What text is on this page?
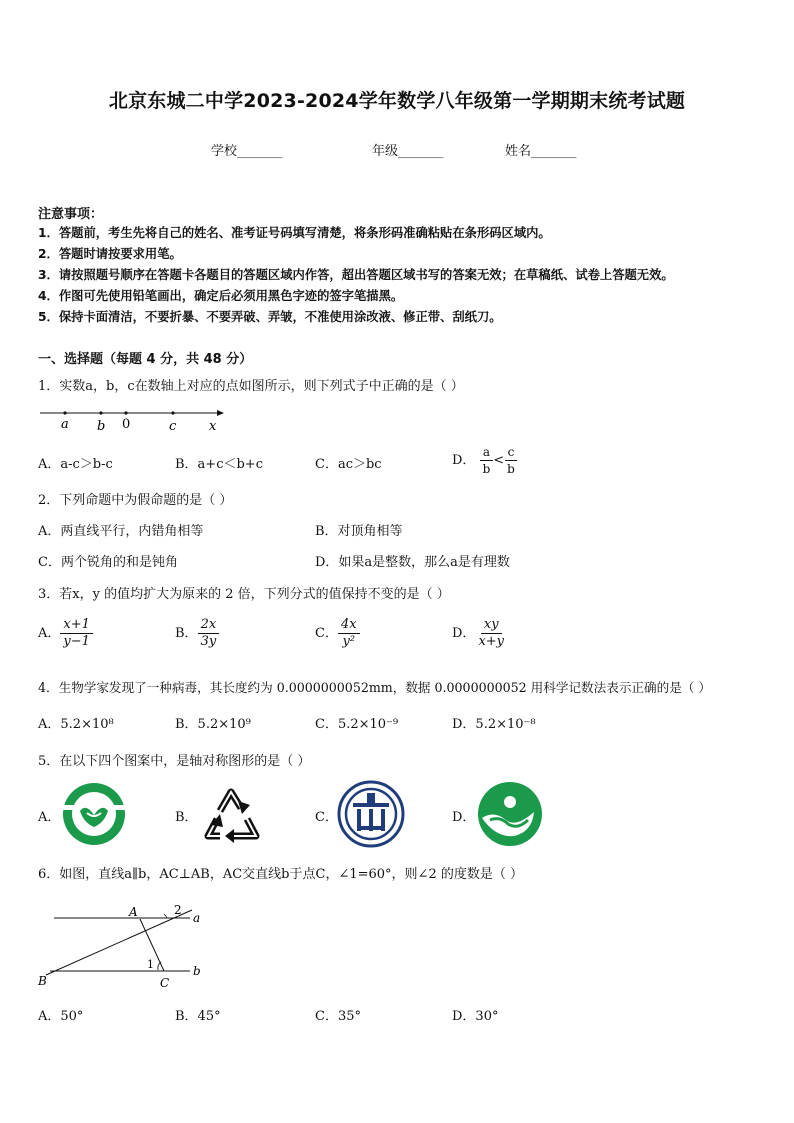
北京东城二中学2023-2024学年数学八年级第一学期期末统考试题
学校_______	年级_______	姓名_______
注意事项：
1．答题前，考生先将自己的姓名、准考证号码填写清楚，将条形码准确粘贴在条形码区域内。
2．答题时请按要求用笔。
3．请按照题号顺序在答题卡各题目的答题区域内作答，超出答题区域书写的答案无效；在草稿纸、试卷上答题无效。
4．作图可先使用铅笔画出，确定后必须用黑色字迹的签字笔描黑。
5．保持卡面清洁，不要折暴、不要弄破、弄皱，不准使用涂改液、修正带、刮纸刀。
一、选择题（每题 4 分，共 48 分）
1．实数a，b，c在数轴上对应的点如图所示，则下列式子中正确的是（ ）
a b 0	c	x
A．a-c＞b-c	B．a+c＜b+c	C．ac＞bc	D． $\frac{a}{b} < \frac{c}{b}$
2．下列命题中为假命题的是（ ）
A．两直线平行，内错角相等	B．对顶角相等
C．两个锐角的和是钝角	D．如果a是整数，那么a是有理数
3．若x，y 的值均扩大为原来的 2 倍，下列分式的值保持不变的是（ ）
A． $\frac{x+1}{y-1}$	B． $\frac{2x}{3y}$	C． $\frac{4x}{\text{y²}}$	D． $\frac{xy}{x+y}$
4．生物学家发现了一种病毒，其长度约为 0.0000000052mm，数据 0.0000000052 用科学记数法表示正确的是（ ）
A．5.2×10⁸	B．5.2×10⁹	C．5.2×10⁻⁹	D．5.2×10⁻⁸
5．在以下四个图案中，是轴对称图形的是（ ）
A．	B．	C．	D．
6．如图，直线a∥b，AC⊥AB，AC交直线b于点C，∠1=60°，则∠2 的度数是（ ）
A
B	C
a
b
1
2
A．50°	B．45°	C．35°	D．30°
